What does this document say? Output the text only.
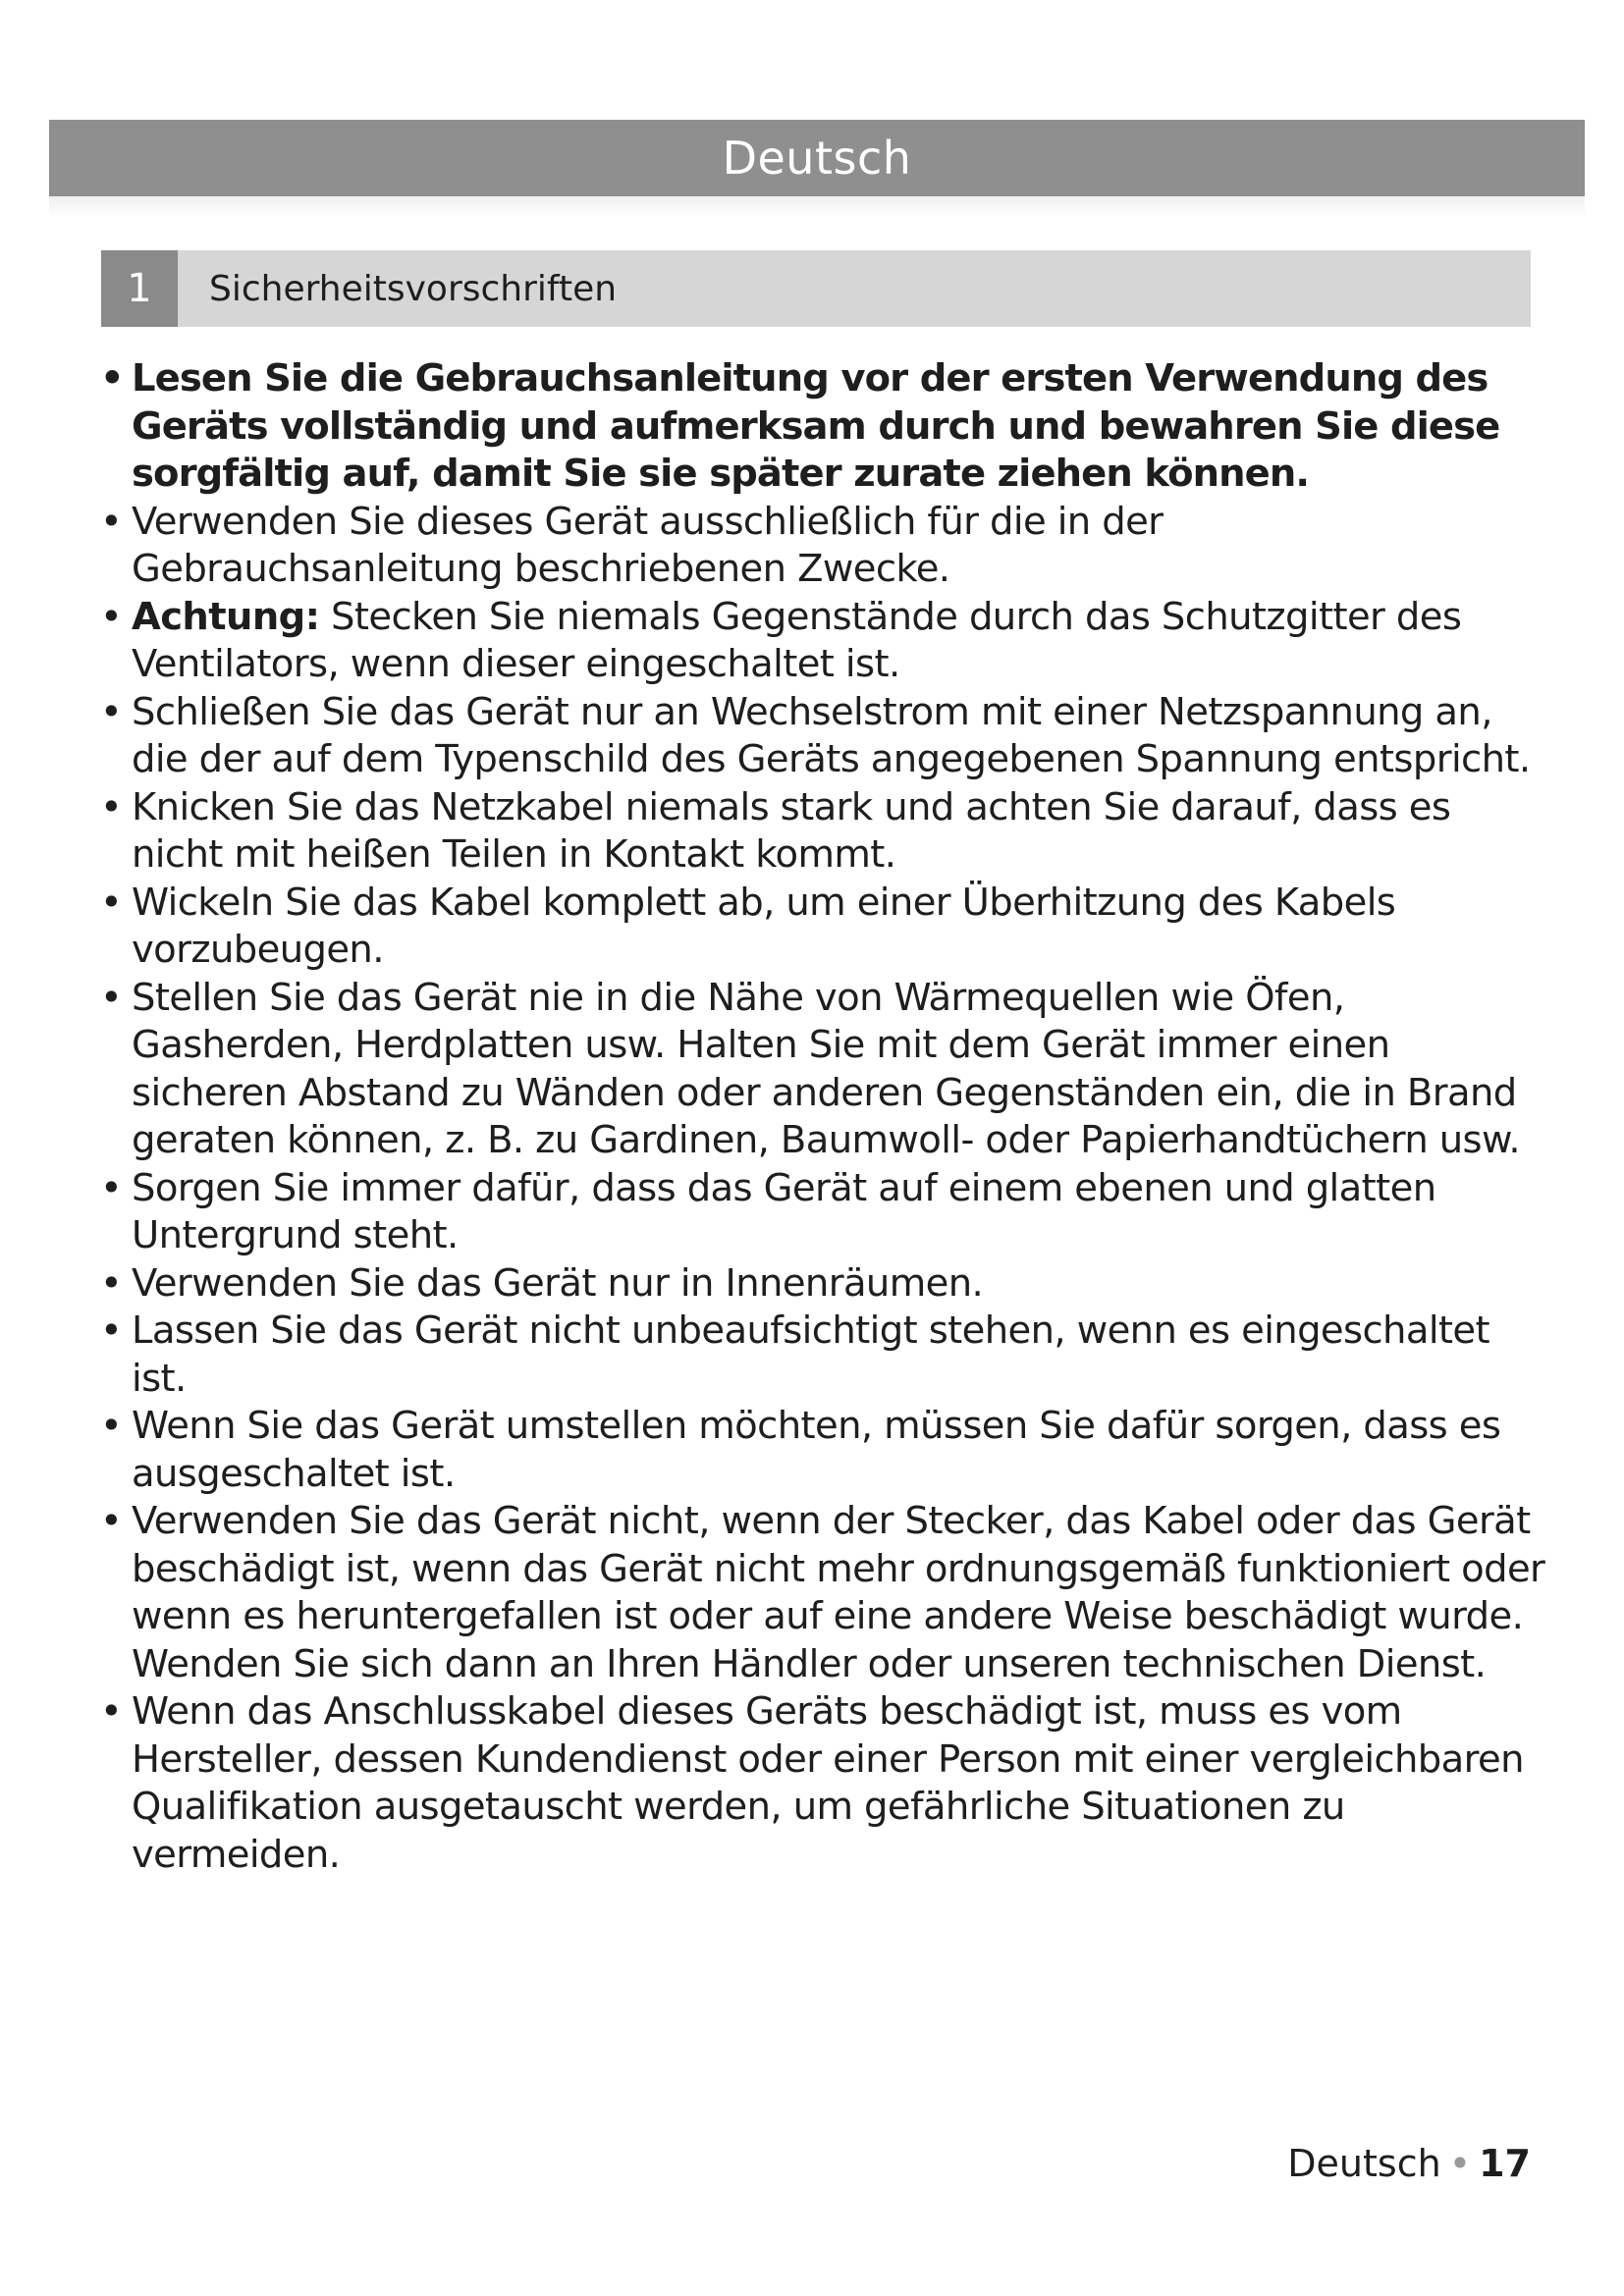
Deutsch
1	Sicherheitsvorschriften
• Lesen Sie die Gebrauchsanleitung vor der ersten Verwendung des Geräts vollständig und aufmerksam durch und bewahren Sie diese sorgfältig auf, damit Sie sie später zurate ziehen können.
• Verwenden Sie dieses Gerät ausschließlich für die in der Gebrauchsanleitung beschriebenen Zwecke.
• Achtung: Stecken Sie niemals Gegenstände durch das Schutzgitter des Ventilators, wenn dieser eingeschaltet ist.
• Schließen Sie das Gerät nur an Wechselstrom mit einer Netzspannung an, die der auf dem Typenschild des Geräts angegebenen Spannung entspricht.
• Knicken Sie das Netzkabel niemals stark und achten Sie darauf, dass es nicht mit heißen Teilen in Kontakt kommt.
• Wickeln Sie das Kabel komplett ab, um einer Überhitzung des Kabels vorzubeugen.
• Stellen Sie das Gerät nie in die Nähe von Wärmequellen wie Öfen, Gasherden, Herdplatten usw. Halten Sie mit dem Gerät immer einen sicheren Abstand zu Wänden oder anderen Gegenständen ein, die in Brand geraten können, z. B. zu Gardinen, Baumwoll- oder Papierhandtüchern usw.
• Sorgen Sie immer dafür, dass das Gerät auf einem ebenen und glatten Untergrund steht.
• Verwenden Sie das Gerät nur in Innenräumen.
• Lassen Sie das Gerät nicht unbeaufsichtigt stehen, wenn es eingeschaltet ist.
• Wenn Sie das Gerät umstellen möchten, müssen Sie dafür sorgen, dass es ausgeschaltet ist.
• Verwenden Sie das Gerät nicht, wenn der Stecker, das Kabel oder das Gerät beschädigt ist, wenn das Gerät nicht mehr ordnungsgemäß funktioniert oder wenn es heruntergefallen ist oder auf eine andere Weise beschädigt wurde. Wenden Sie sich dann an Ihren Händler oder unseren technischen Dienst.
• Wenn das Anschlusskabel dieses Geräts beschädigt ist, muss es vom Hersteller, dessen Kundendienst oder einer Person mit einer vergleichbaren Qualifikation ausgetauscht werden, um gefährliche Situationen zu vermeiden.
Deutsch • 17
